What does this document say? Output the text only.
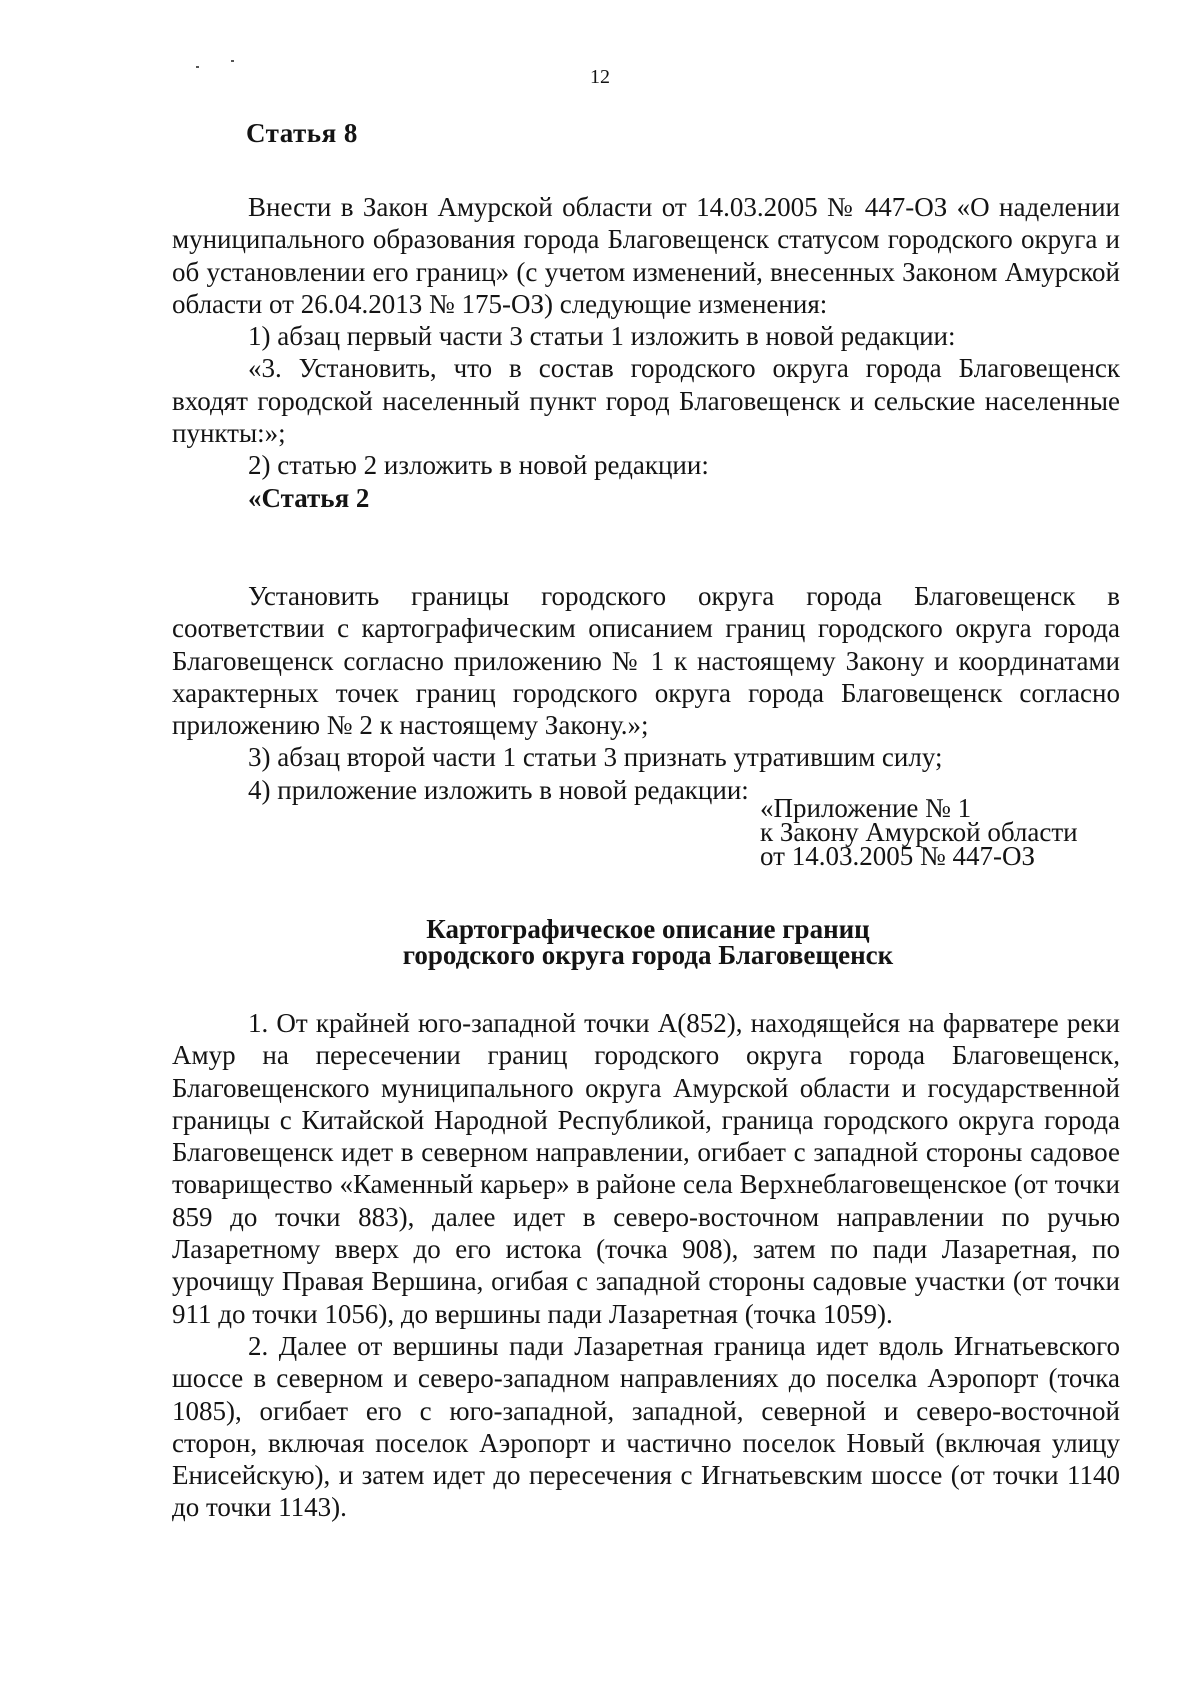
12
Статья 8

Внести в Закон Амурской области от 14.03.2005 № 447-ОЗ «О наделении муниципального образования города Благовещенск статусом городского округа и об установлении его границ» (с учетом изменений, внесенных Законом Амурской области от 26.04.2013 № 175-ОЗ) следующие изменения:

1) абзац первый части 3 статьи 1 изложить в новой редакции:

«3. Установить, что в состав городского округа города Благовещенск входят городской населенный пункт город Благовещенск и сельские населенные пункты:»;

2) статью 2 изложить в новой редакции:

«Статья 2

Установить границы городского округа города Благовещенск в соответствии с картографическим описанием границ городского округа города Благовещенск согласно приложению № 1 к настоящему Закону и координатами характерных точек границ городского округа города Благовещенск согласно приложению № 2 к настоящему Закону.»;

3) абзац второй части 1 статьи 3 признать утратившим силу;

4) приложение изложить в новой редакции:

«Приложение № 1
к Закону Амурской области
от 14.03.2005 № 447-ОЗ
Картографическое описание границ
городского округа города Благовещенск

1. От крайней юго-западной точки А(852), находящейся на фарватере реки Амур на пересечении границ городского округа города Благовещенск, Благовещенского муниципального округа Амурской области и государственной границы с Китайской Народной Республикой, граница городского округа города Благовещенск идет в северном направлении, огибает с западной стороны садовое товарищество «Каменный карьер» в районе села Верхнеблаговещенское (от точки 859 до точки 883), далее идет в северо-восточном направлении по ручью Лазаретному вверх до его истока (точка 908), затем по пади Лазаретная, по урочищу Правая Вершина, огибая с западной стороны садовые участки (от точки 911 до точки 1056), до вершины пади Лазаретная (точка 1059).

2. Далее от вершины пади Лазаретная граница идет вдоль Игнатьевского шоссе в северном и северо-западном направлениях до поселка Аэропорт (точка 1085), огибает его с юго-западной, западной, северной и северо-восточной сторон, включая поселок Аэропорт и частично поселок Новый (включая улицу Енисейскую), и затем идет до пересечения с Игнатьевским шоссе (от точки 1140 до точки 1143).
